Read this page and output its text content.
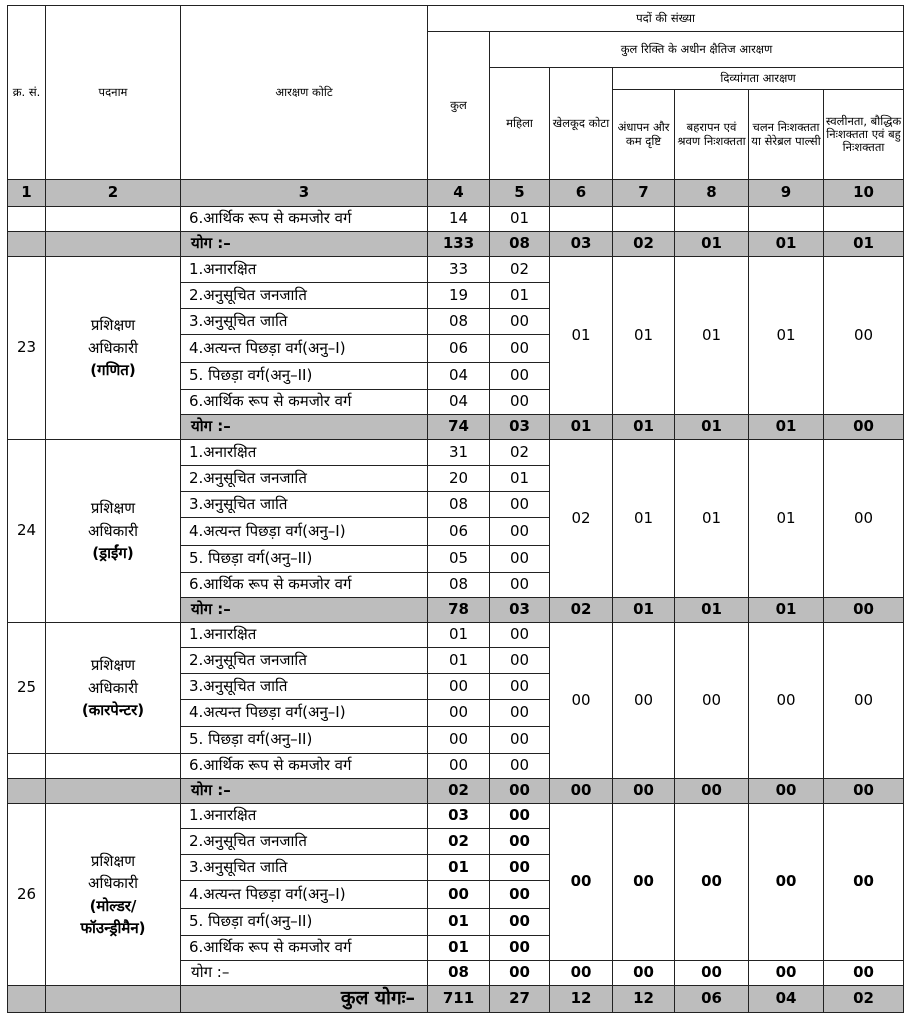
क्र. सं.	पदनाम	आरक्षण कोटि	पदों की संख्या						
			कुल	कुल रिक्ति के अधीन क्षैतिज आरक्षण					
				महिला	खेलकूद कोटा	दिव्यांगता आरक्षण			
						अंधापन और कम दृष्टि	बहरापन एवं श्रवण निःशक्तता	चलन निःशक्तता या सेरेब्रल पाल्सी	स्वलीनता, बौद्धिक निःशक्तता एवं बहु निःशक्तता
1	2	3	4	5	6	7	8	9	10
		6.आर्थिक रूप से कमजोर वर्ग	14	01					
		योग :–	133	08	03	02	01	01	01
23	प्रशिक्षण
अधिकारी
(गणित)	1.अनारक्षित	33	02	01	01	01	01	00
		2.अनुसूचित जनजाति	19	01					
		3.अनुसूचित जाति	08	00					
		4.अत्यन्त पिछड़ा वर्ग(अनु–I)	06	00					
		5. पिछड़ा वर्ग(अनु–II)	04	00					
		6.आर्थिक रूप से कमजोर वर्ग	04	00					
		योग :–	74	03	01	01	01	01	00
24	प्रशिक्षण
अधिकारी
(ड्राईंग)	1.अनारक्षित	31	02	02	01	01	01	00
		2.अनुसूचित जनजाति	20	01					
		3.अनुसूचित जाति	08	00					
		4.अत्यन्त पिछड़ा वर्ग(अनु–I)	06	00					
		5. पिछड़ा वर्ग(अनु–II)	05	00					
		6.आर्थिक रूप से कमजोर वर्ग	08	00					
		योग :–	78	03	02	01	01	01	00
25	प्रशिक्षण
अधिकारी
(कारपेन्टर)	1.अनारक्षित	01	00	00	00	00	00	00
		2.अनुसूचित जनजाति	01	00					
		3.अनुसूचित जाति	00	00					
		4.अत्यन्त पिछड़ा वर्ग(अनु–I)	00	00					
		5. पिछड़ा वर्ग(अनु–II)	00	00					
		6.आर्थिक रूप से कमजोर वर्ग	00	00					
		योग :–	02	00	00	00	00	00	00
26	प्रशिक्षण
अधिकारी
(मोल्डर/
फॉउन्ड्रीमैन)	1.अनारक्षित	03	00	00	00	00	00	00
		2.अनुसूचित जनजाति	02	00					
		3.अनुसूचित जाति	01	00					
		4.अत्यन्त पिछड़ा वर्ग(अनु–I)	00	00					
		5. पिछड़ा वर्ग(अनु–II)	01	00					
		6.आर्थिक रूप से कमजोर वर्ग	01	00					
		योग :–	08	00	00	00	00	00	00
		कुल योगः–	711	27	12	12	06	04	02
